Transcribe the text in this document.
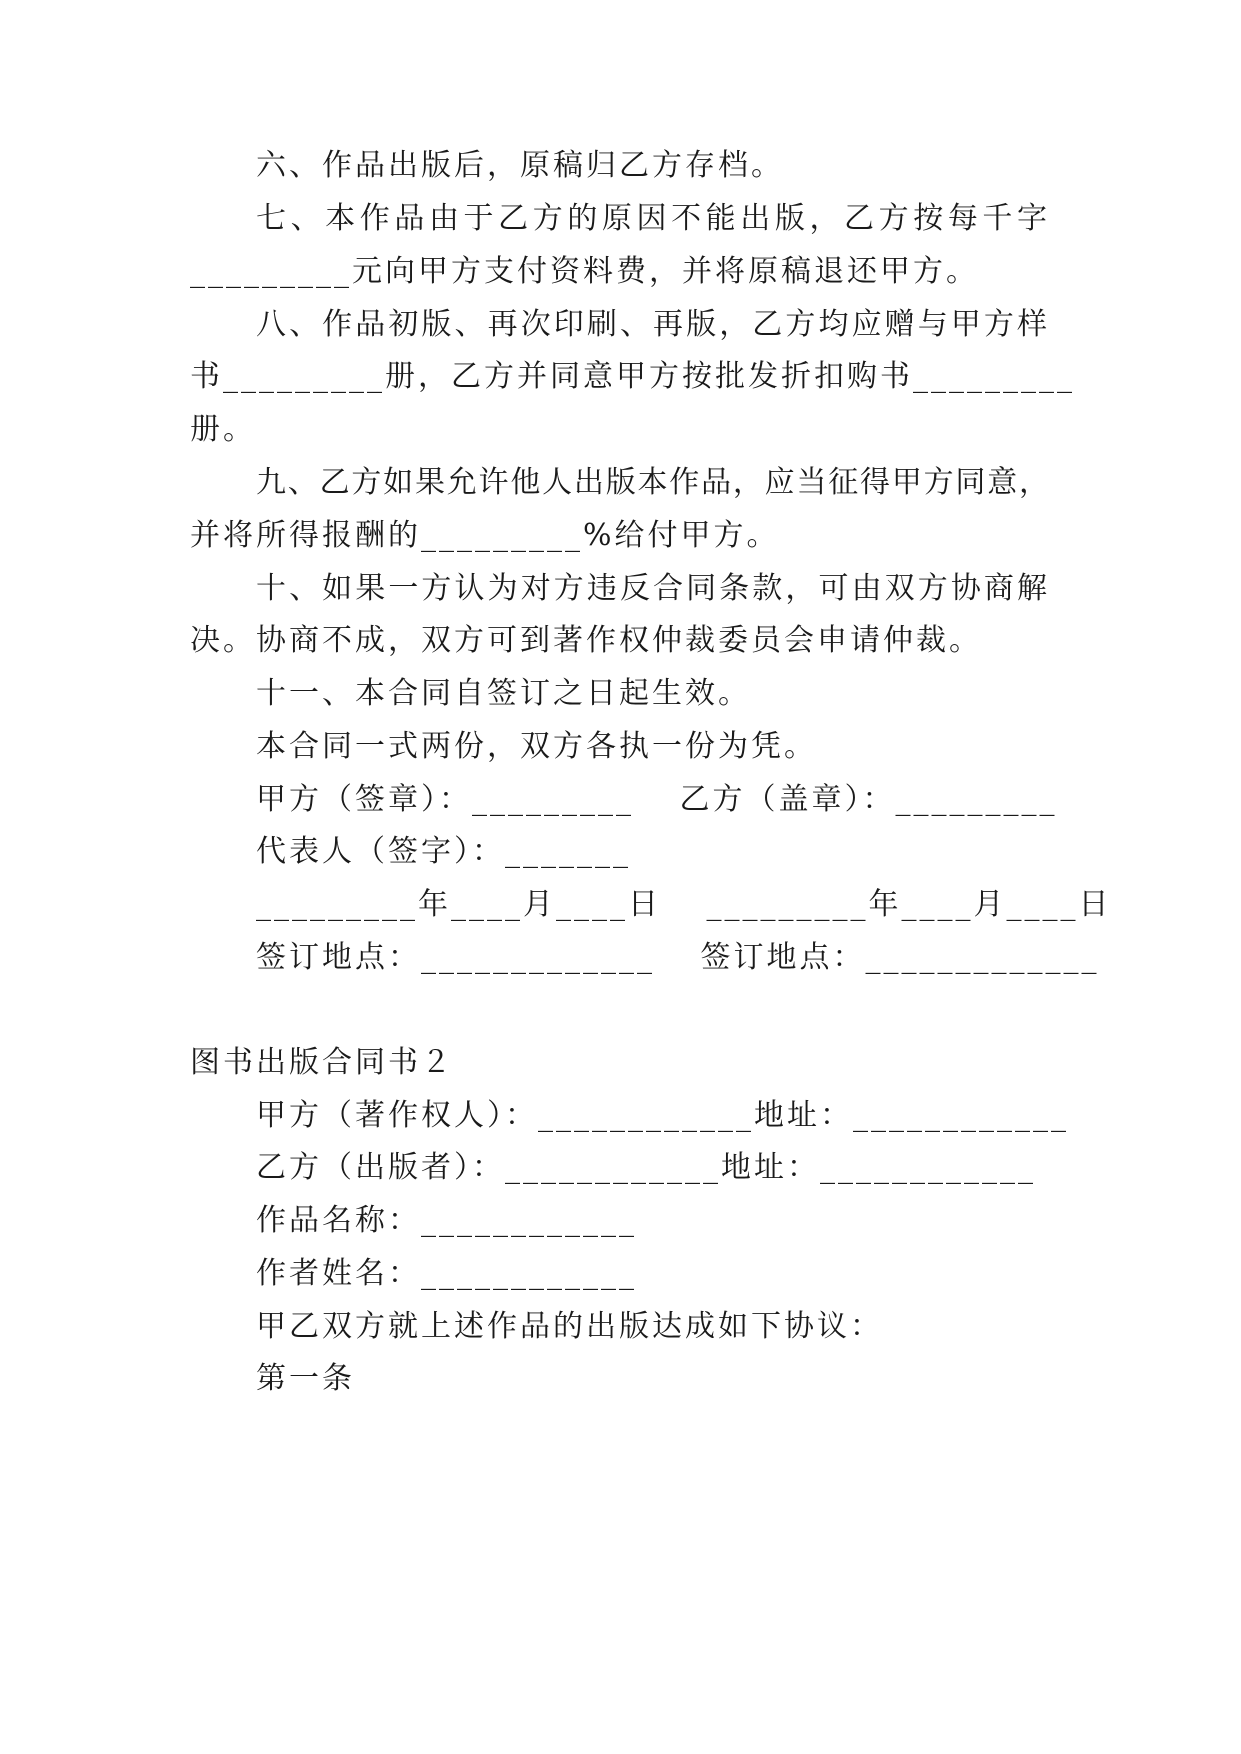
六、作品出版后，原稿归乙方存档。
七、本作品由于乙方的原因不能出版，乙方按每千字
_________元向甲方支付资料费，并将原稿退还甲方。
八、作品初版、再次印刷、再版，乙方均应赠与甲方样
书_________册，乙方并同意甲方按批发折扣购书_________
册。
九、乙方如果允许他人出版本作品，应当征得甲方同意，
并将所得报酬的_________%给付甲方。
十、如果一方认为对方违反合同条款，可由双方协商解
决。协商不成，双方可到著作权仲裁委员会申请仲裁。
十一、本合同自签订之日起生效。
本合同一式两份，双方各执一份为凭。
甲方（签章）：_________ 　乙方（盖章）：_________
代表人（签字）：_______
_________年____月____日 　_________年____月____日
签订地点：_____________ 　签订地点：_____________
图书出版合同书２
甲方（著作权人）：____________地址：____________
乙方（出版者）：____________地址：____________
作品名称：____________
作者姓名：____________
甲乙双方就上述作品的出版达成如下协议：
第一条
